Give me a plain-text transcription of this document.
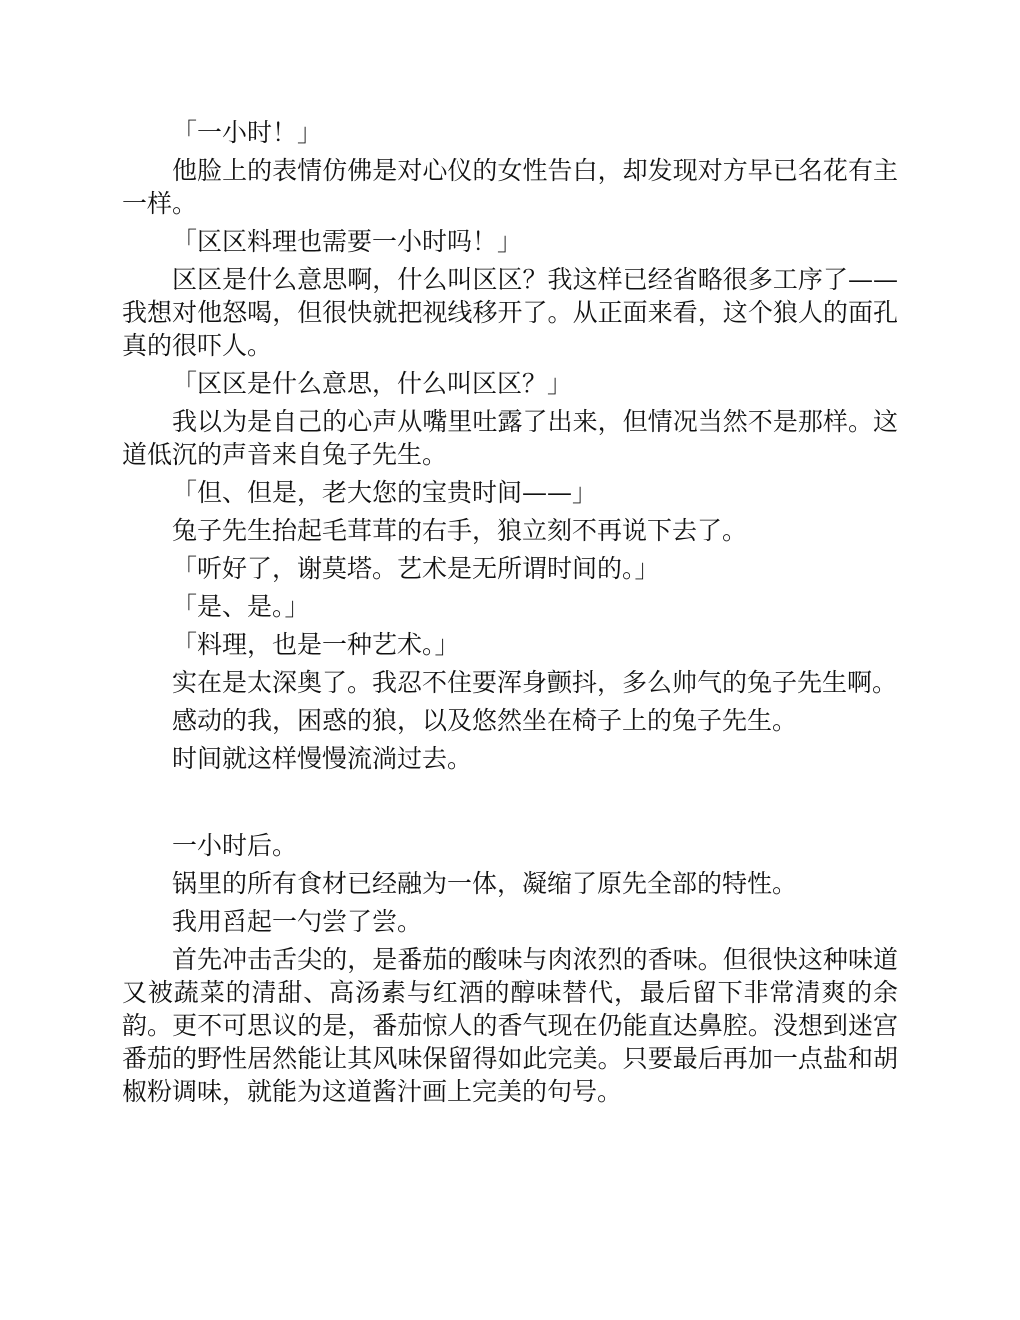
「一小时！」

他脸上的表情仿佛是对心仪的女性告白，却发现对方早已名花有主一样。

「区区料理也需要一小时吗！」

区区是什么意思啊，什么叫区区？我这样已经省略很多工序了——我想对他怒喝，但很快就把视线移开了。从正面来看，这个狼人的面孔真的很吓人。

「区区是什么意思，什么叫区区？」

我以为是自己的心声从嘴里吐露了出来，但情况当然不是那样。这道低沉的声音来自兔子先生。

「但、但是，老大您的宝贵时间——」

兔子先生抬起毛茸茸的右手，狼立刻不再说下去了。

「听好了，谢莫塔。艺术是无所谓时间的。」

「是、是。」

「料理，也是一种艺术。」

实在是太深奥了。我忍不住要浑身颤抖，多么帅气的兔子先生啊。

感动的我，困惑的狼，以及悠然坐在椅子上的兔子先生。

时间就这样慢慢流淌过去。

一小时后。

锅里的所有食材已经融为一体，凝缩了原先全部的特性。

我用舀起一勺尝了尝。

首先冲击舌尖的，是番茄的酸味与肉浓烈的香味。但很快这种味道又被蔬菜的清甜、高汤素与红酒的醇味替代，最后留下非常清爽的余韵。更不可思议的是，番茄惊人的香气现在仍能直达鼻腔。没想到迷宫番茄的野性居然能让其风味保留得如此完美。只要最后再加一点盐和胡椒粉调味，就能为这道酱汁画上完美的句号。
